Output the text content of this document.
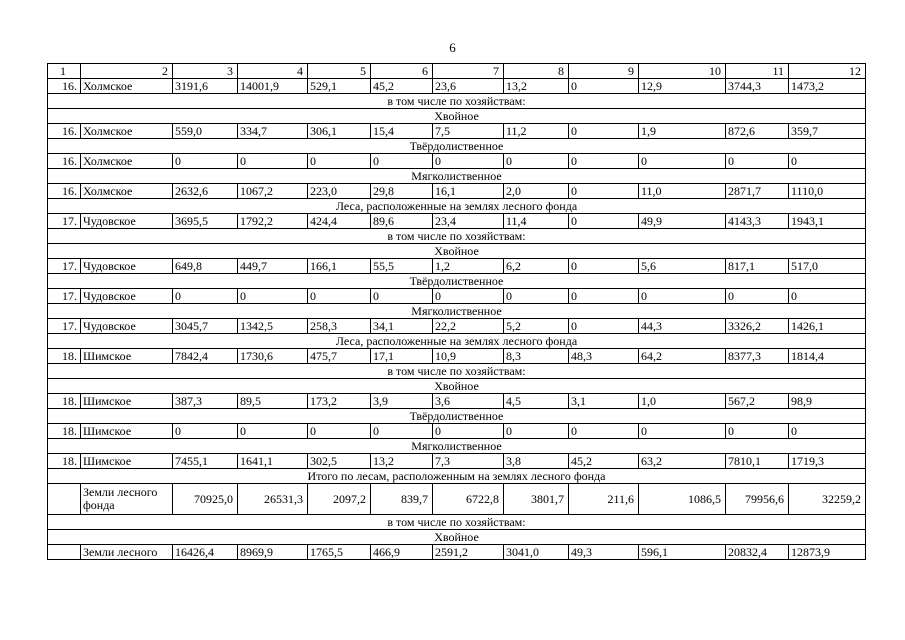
6
1	2	3	4	5	6	7	8	9	10	11	12
16.	Холмское	3191,6	14001,9	529,1	45,2	23,6	13,2	0	12,9	3744,3	1473,2
в том числе по хозяйствам:											
Хвойное											
16.	Холмское	559,0	334,7	306,1	15,4	7,5	11,2	0	1,9	872,6	359,7
Твёрдолиственное											
16.	Холмское	0	0	0	0	0	0	0	0	0	0
Мягколиственное											
16.	Холмское	2632,6	1067,2	223,0	29,8	16,1	2,0	0	11,0	2871,7	1110,0
Леса, расположенные на землях лесного фонда											
17.	Чудовское	3695,5	1792,2	424,4	89,6	23,4	11,4	0	49,9	4143,3	1943,1
в том числе по хозяйствам:											
Хвойное											
17.	Чудовское	649,8	449,7	166,1	55,5	1,2	6,2	0	5,6	817,1	517,0
Твёрдолиственное											
17.	Чудовское	0	0	0	0	0	0	0	0	0	0
Мягколиственное											
17.	Чудовское	3045,7	1342,5	258,3	34,1	22,2	5,2	0	44,3	3326,2	1426,1
Леса, расположенные на землях лесного фонда											
18.	Шимское	7842,4	1730,6	475,7	17,1	10,9	8,3	48,3	64,2	8377,3	1814,4
в том числе по хозяйствам:											
Хвойное											
18.	Шимское	387,3	89,5	173,2	3,9	3,6	4,5	3,1	1,0	567,2	98,9
Твёрдолиственное											
18.	Шимское	0	0	0	0	0	0	0	0	0	0
Мягколиственное											
18.	Шимское	7455,1	1641,1	302,5	13,2	7,3	3,8	45,2	63,2	7810,1	1719,3
Итого по лесам, расположенным на землях лесного фонда											
	Земли лесного фонда	70925,0	26531,3	2097,2	839,7	6722,8	3801,7	211,6	1086,5	79956,6	32259,2
в том числе по хозяйствам:											
Хвойное											
	Земли лесного	16426,4	8969,9	1765,5	466,9	2591,2	3041,0	49,3	596,1	20832,4	12873,9
